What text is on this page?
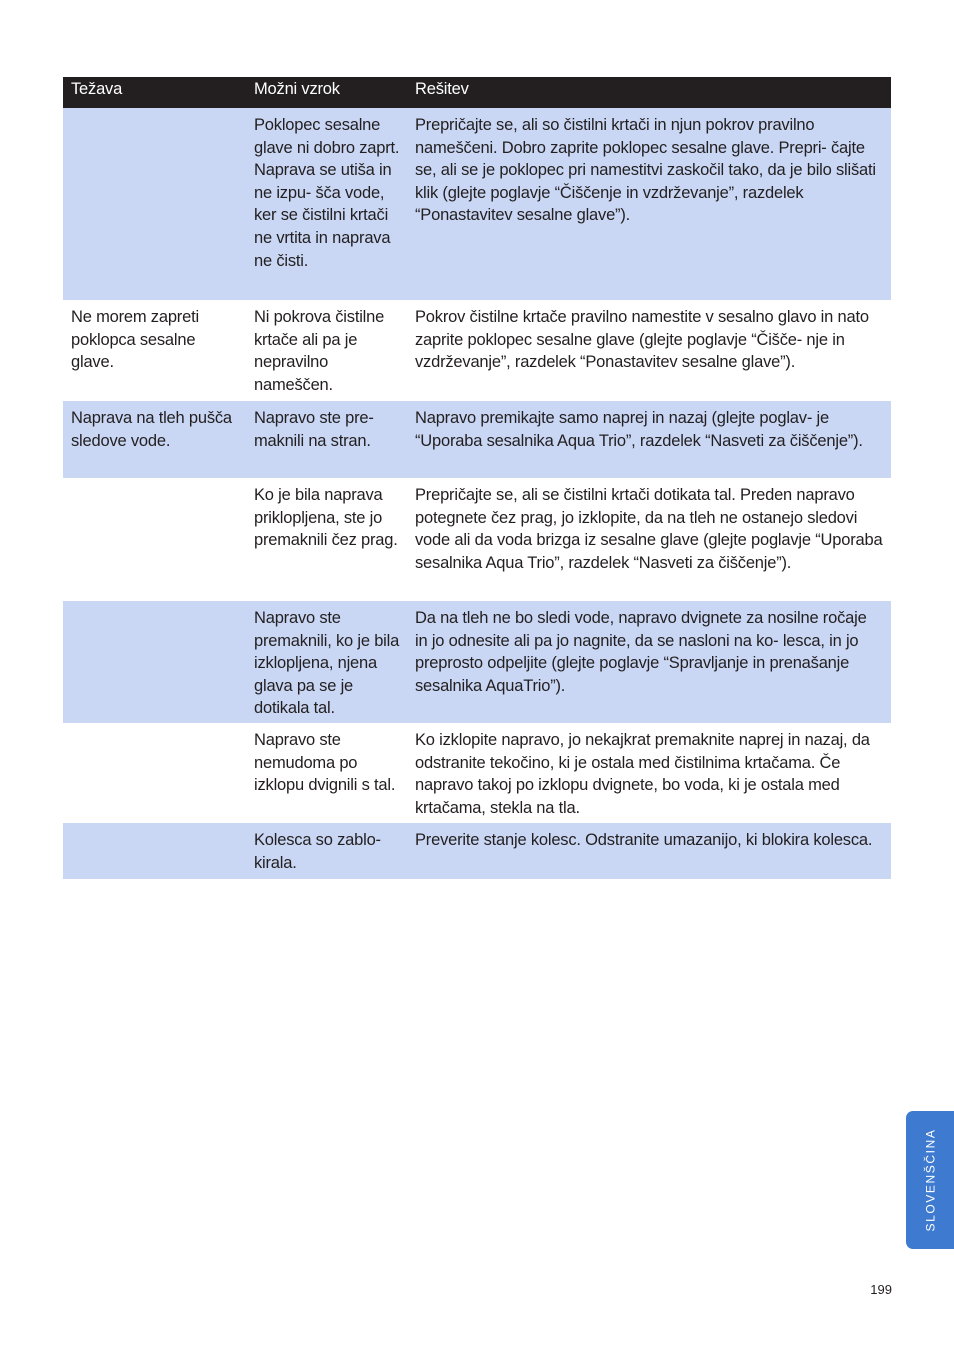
Težava	Možni vzrok	Rešitev
Poklopec sesalne glave ni dobro zaprt. Naprava se utiša in ne izpu- šča vode, ker se čistilni krtači ne vrtita in naprava ne čisti.
Prepričajte se, ali so čistilni krtači in njun pokrov pravilno nameščeni. Dobro zaprite poklopec sesalne glave. Prepri- čajte se, ali se je poklopec pri namestitvi zaskočil tako, da je bilo slišati klik (glejte poglavje “Čiščenje in vzdrževanje”, razdelek “Ponastavitev sesalne glave”).
Ne morem zapreti poklopca sesalne glave.
Ni pokrova čistilne krtače ali pa je nepravilno nameščen.
Pokrov čistilne krtače pravilno namestite v sesalno glavo in nato zaprite poklopec sesalne glave (glejte poglavje “Čišče- nje in vzdrževanje”, razdelek “Ponastavitev sesalne glave”).
Naprava na tleh pušča sledove vode.
Napravo ste pre- maknili na stran.
Napravo premikajte samo naprej in nazaj (glejte poglav- je “Uporaba sesalnika Aqua Trio”, razdelek “Nasveti za čiščenje”).
Ko je bila naprava priklopljena, ste jo premaknili čez prag.
Prepričajte se, ali se čistilni krtači dotikata tal. Preden napravo potegnete čez prag, jo izklopite, da na tleh ne ostanejo sledovi vode ali da voda brizga iz sesalne glave (glejte poglavje “Uporaba sesalnika Aqua Trio”, razdelek “Nasveti za čiščenje”).
Napravo ste premaknili, ko je bila izklopljena, njena glava pa se je dotikala tal.
Da na tleh ne bo sledi vode, napravo dvignete za nosilne ročaje in jo odnesite ali pa jo nagnite, da se nasloni na ko- lesca, in jo preprosto odpeljite (glejte poglavje “Spravljanje in prenašanje sesalnika AquaTrio”).
Napravo ste nemudoma po izklopu dvignili s tal.
Ko izklopite napravo, jo nekajkrat premaknite naprej in nazaj, da odstranite tekočino, ki je ostala med čistilnima krtačama. Če napravo takoj po izklopu dvignete, bo voda, ki je ostala med krtačama, stekla na tla.
Kolesca so zablo- kirala.
Preverite stanje kolesc. Odstranite umazanijo, ki blokira kolesca.
SLOVENŠČINA
199
